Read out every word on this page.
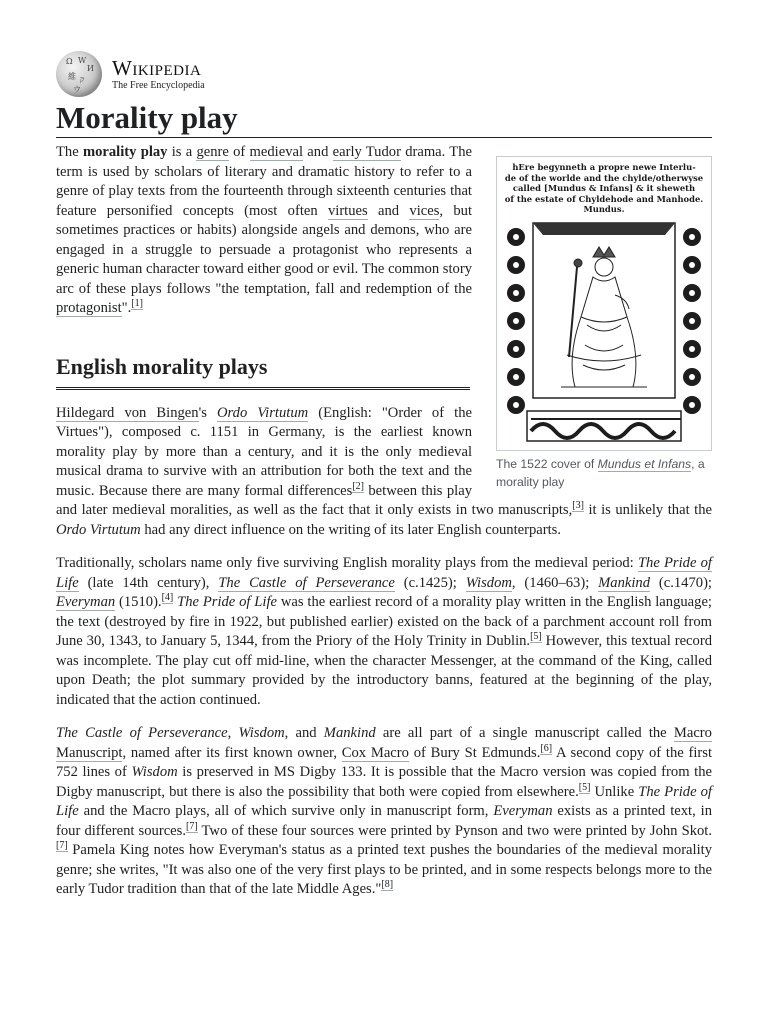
Ω W
И
維 ק
ウ
Wikipedia
The Free Encyclopedia
Morality play
hEre begynneth a propre newe Interlu-
de of the worlde and the chylde/otherwyse
called [Mundus & Infans] & it sheweth
of the estate of Chyldehode and Manhode.
Mundus.
The 1522 cover of Mundus et Infans, a morality play

The morality play is a genre of medieval and early Tudor drama. The term is used by scholars of literary and dramatic history to refer to a genre of play texts from the fourteenth through sixteenth centuries that feature personified concepts (most often virtues and vices, but sometimes practices or habits) alongside angels and demons, who are engaged in a struggle to persuade a protagonist who represents a generic human character toward either good or evil. The common story arc of these plays follows "the temptation, fall and redemption of the protagonist".[1]

English morality plays

Hildegard von Bingen's Ordo Virtutum (English: "Order of the Virtues"), composed c. 1151 in Germany, is the earliest known morality play by more than a century, and it is the only medieval musical drama to survive with an attribution for both the text and the music. Because there are many formal differences[2] between this play and later medieval moralities, as well as the fact that it only exists in two manuscripts,[3] it is unlikely that the Ordo Virtutum had any direct influence on the writing of its later English counterparts.

Traditionally, scholars name only five surviving English morality plays from the medieval period: The Pride of Life (late 14th century), The Castle of Perseverance (c.1425); Wisdom, (1460–63); Mankind (c.1470); Everyman (1510).[4] The Pride of Life was the earliest record of a morality play written in the English language; the text (destroyed by fire in 1922, but published earlier) existed on the back of a parchment account roll from June 30, 1343, to January 5, 1344, from the Priory of the Holy Trinity in Dublin.[5] However, this textual record was incomplete. The play cut off mid-line, when the character Messenger, at the command of the King, called upon Death; the plot summary provided by the introductory banns, featured at the beginning of the play, indicated that the action continued.

The Castle of Perseverance, Wisdom, and Mankind are all part of a single manuscript called the Macro Manuscript, named after its first known owner, Cox Macro of Bury St Edmunds.[6] A second copy of the first 752 lines of Wisdom is preserved in MS Digby 133. It is possible that the Macro version was copied from the Digby manuscript, but there is also the possibility that both were copied from elsewhere.[5] Unlike The Pride of Life and the Macro plays, all of which survive only in manuscript form, Everyman exists as a printed text, in four different sources.[7] Two of these four sources were printed by Pynson and two were printed by John Skot.[7] Pamela King notes how Everyman's status as a printed text pushes the boundaries of the medieval morality genre; she writes, "It was also one of the very first plays to be printed, and in some respects belongs more to the early Tudor tradition than that of the late Middle Ages."[8]
